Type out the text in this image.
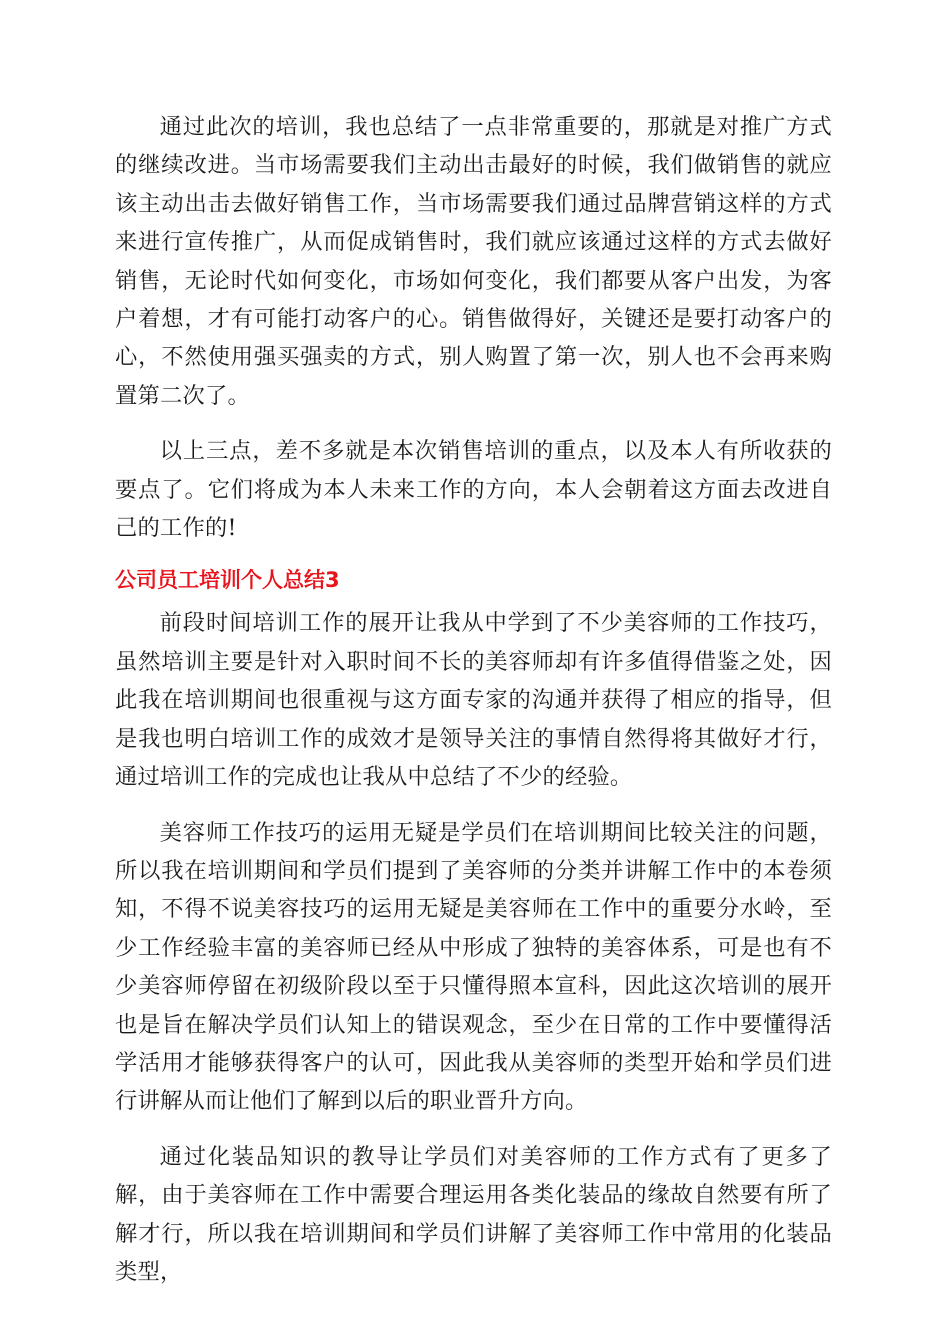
通过此次的培训，我也总结了一点非常重要的，那就是对推广方式的继续改进。当市场需要我们主动出击最好的时候，我们做销售的就应该主动出击去做好销售工作，当市场需要我们通过品牌营销这样的方式来进行宣传推广，从而促成销售时，我们就应该通过这样的方式去做好销售，无论时代如何变化，市场如何变化，我们都要从客户出发，为客户着想，才有可能打动客户的心。销售做得好，关键还是要打动客户的心，不然使用强买强卖的方式，别人购置了第一次，别人也不会再来购置第二次了。

以上三点，差不多就是本次销售培训的重点，以及本人有所收获的要点了。它们将成为本人未来工作的方向，本人会朝着这方面去改进自己的工作的!

公司员工培训个人总结3

前段时间培训工作的展开让我从中学到了不少美容师的工作技巧，虽然培训主要是针对入职时间不长的美容师却有许多值得借鉴之处，因此我在培训期间也很重视与这方面专家的沟通并获得了相应的指导，但是我也明白培训工作的成效才是领导关注的事情自然得将其做好才行，通过培训工作的完成也让我从中总结了不少的经验。

美容师工作技巧的运用无疑是学员们在培训期间比较关注的问题，所以我在培训期间和学员们提到了美容师的分类并讲解工作中的本卷须知，不得不说美容技巧的运用无疑是美容师在工作中的重要分水岭，至少工作经验丰富的美容师已经从中形成了独特的美容体系，可是也有不少美容师停留在初级阶段以至于只懂得照本宣科，因此这次培训的展开也是旨在解决学员们认知上的错误观念，至少在日常的工作中要懂得活学活用才能够获得客户的认可，因此我从美容师的类型开始和学员们进行讲解从而让他们了解到以后的职业晋升方向。

通过化装品知识的教导让学员们对美容师的工作方式有了更多了解，由于美容师在工作中需要合理运用各类化装品的缘故自然要有所了解才行，所以我在培训期间和学员们讲解了美容师工作中常用的化装品类型，
